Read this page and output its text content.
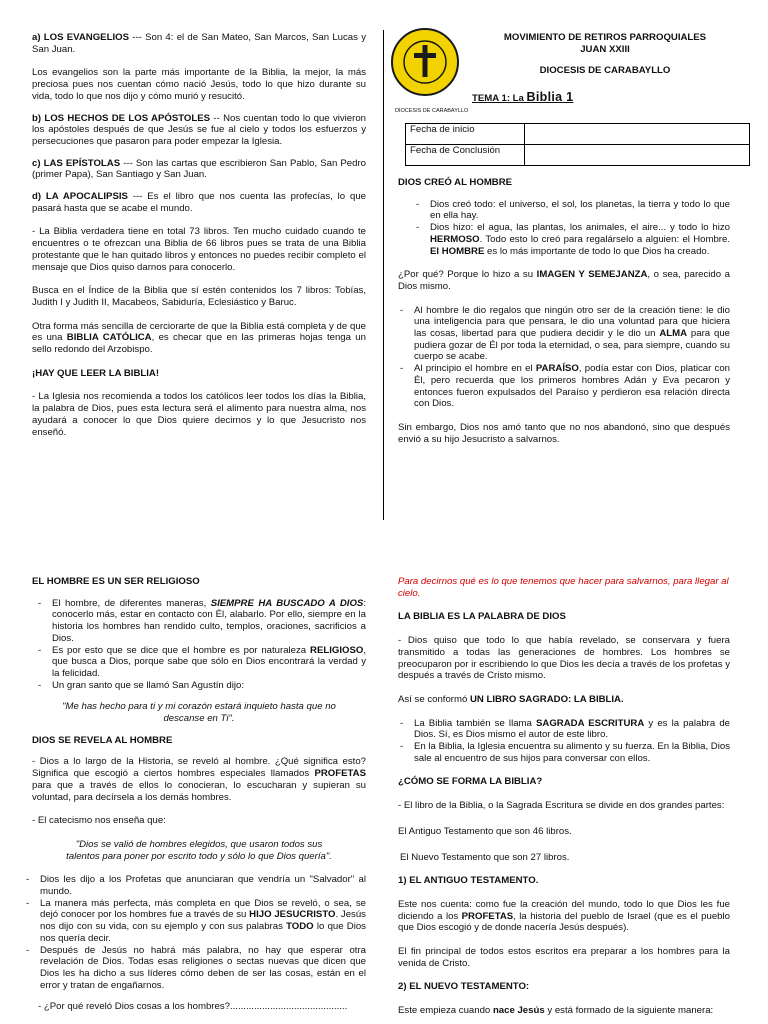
a) LOS EVANGELIOS --- Son 4: el de San Mateo, San Marcos, San Lucas y San Juan.

Los evangelios son la parte más importante de la Biblia, la mejor, la más preciosa pues nos cuentan cómo nació Jesús, todo lo que hizo durante su vida, todo lo que nos dijo y cómo murió y resucitó.

b) LOS HECHOS DE LOS APÓSTOLES -- Nos cuentan todo lo que vivieron los apóstoles después de que Jesús se fue al cielo y todos los esfuerzos y persecuciones que pasaron para poder empezar la Iglesia.

c) LAS EPÍSTOLAS --- Son las cartas que escribieron San Pablo, San Pedro (primer Papa), San Santiago y San Juan.

d) LA APOCALIPSIS --- Es el libro que nos cuenta las profecías, lo que pasará hasta que se acabe el mundo.

- La Biblia verdadera tiene en total 73 libros. Ten mucho cuidado cuando te encuentres o te ofrezcan una Biblia de 66 libros pues se trata de una Biblia protestante que le han quitado libros y entonces no puedes recibir completo el mensaje que Dios quiso darnos para conocerlo.

Busca en el Índice de la Biblia que sí estén contenidos los 7 libros: Tobías, Judith I y Judith II, Macabeos, Sabiduría, Eclesiástico y Baruc.

Otra forma más sencilla de cerciorarte de que la Biblia está completa y de que es una BIBLIA CATÓLICA, es checar que en las primeras hojas tenga un sello redondo del Arzobispo.

¡HAY QUE LEER LA BIBLIA!

- La Iglesia nos recomienda a todos los católicos leer todos los días la Biblia, la palabra de Dios, pues esta lectura será el alimento para nuestra alma, nos ayudará a conocer lo que Dios quiere decirnos y lo que Jesucristo nos enseñó.

DIOCESIS DE CARABAYLLO
MOVIMIENTO DE RETIROS PARROQUIALES
JUAN XXIII
DIOCESIS DE CARABAYLLO
TEMA 1: La Biblia 1
Fecha de inicio	
Fecha de Conclusión	

DIOS CREÓ AL HOMBRE

- Dios creó todo: el universo, el sol, los planetas, la tierra y todo lo que en ella hay.
- Dios hizo: el agua, las plantas, los animales, el aire... y todo lo hizo HERMOSO. Todo esto lo creó para regalárselo a alguien: el Hombre. El HOMBRE es lo más importante de todo lo que Dios ha creado.

¿Por qué? Porque lo hizo a su IMAGEN Y SEMEJANZA, o sea, parecido a Dios mismo.

- Al hombre le dio regalos que ningún otro ser de la creación tiene: le dio una inteligencia para que pensara, le dio una voluntad para que hiciera las cosas, libertad para que pudiera decidir y le dio un ALMA para que pudiera gozar de Él por toda la eternidad, o sea, para siempre, cuando su cuerpo se acabe.
- Al principio el hombre en el PARAÍSO, podía estar con Dios, platicar con Él, pero recuerda que los primeros hombres Adán y Eva pecaron y entonces fueron expulsados del Paraíso y perdieron esa relación directa con Dios.

Sin embargo, Dios nos amó tanto que no nos abandonó, sino que después envió a su hijo Jesucristo a salvarnos.

EL HOMBRE ES UN SER RELIGIOSO

- El hombre, de diferentes maneras, SIEMPRE HA BUSCADO A DIOS: conocerlo más, estar en contacto con Él, alabarlo. Por ello, siempre en la historia los hombres han rendido culto, templos, oraciones, sacrificios a Dios.
- Es por esto que se dice que el hombre es por naturaleza RELIGIOSO, que busca a Dios, porque sabe que sólo en Dios encontrará la verdad y la felicidad.
- Un gran santo que se llamó San Agustín dijo:

"Me has hecho para ti y mi corazón estará inquieto hasta que no descanse en Ti".

DIOS SE REVELA AL HOMBRE

- Dios a lo largo de la Historia, se reveló al hombre. ¿Qué significa esto? Significa que escogió a ciertos hombres especiales llamados PROFETAS para que a través de ellos lo conocieran, lo escucharan y supieran su voluntad, para decírsela a los demás hombres.

- El catecismo nos enseña que:

"Dios se valió de hombres elegidos, que usaron todos sus talentos para poner por escrito todo y sólo lo que Dios quería".

- Dios les dijo a los Profetas que anunciaran que vendría un "Salvador" al mundo.
- La manera más perfecta, más completa en que Dios se reveló, o sea, se dejó conocer por los hombres fue a través de su HIJO JESUCRISTO. Jesús nos dijo con su vida, con su ejemplo y con sus palabras TODO lo que Dios nos quería decir.
- Después de Jesús no habrá más palabra, no hay que esperar otra revelación de Dios. Todas esas religiones o sectas nuevas que dicen que Dios les ha dicho a sus líderes cómo deben de ser las cosas, están en el error y tratan de engañarnos.

- ¿Por qué reveló Dios cosas a los hombres?............................................

Para decirnos qué es lo que tenemos que hacer para salvarnos, para llegar al cielo.

LA BIBLIA ES LA PALABRA DE DIOS

- Dios quiso que todo lo que había revelado, se conservara y fuera transmitido a todas las generaciones de hombres. Los hombres se preocuparon por ir escribiendo lo que Dios les decía a través de los profetas y después a través de Cristo mismo.

Así se conformó UN LIBRO SAGRADO: LA BIBLIA.

- La Biblia también se llama SAGRADA ESCRITURA y es la palabra de Dios. Sí, es Dios mismo el autor de este libro.
- En la Biblia, la Iglesia encuentra su alimento y su fuerza. En la Biblia, Dios sale al encuentro de sus hijos para conversar con ellos.

¿CÓMO SE FORMA LA BIBLIA?

- El libro de la Biblia, o la Sagrada Escritura se divide en dos grandes partes:

El Antiguo Testamento que son 46 libros.

El Nuevo Testamento que son 27 libros.

1) EL ANTIGUO TESTAMENTO.

Este nos cuenta: como fue la creación del mundo, todo lo que Dios les fue diciendo a los PROFETAS, la historia del pueblo de Israel (que es el pueblo que Dios escogió y de donde nacería Jesús después).

El fin principal de todos estos escritos era preparar a los hombres para la venida de Cristo.

2) EL NUEVO TESTAMENTO:

Este empieza cuando nace Jesús y está formado de la siguiente manera:
